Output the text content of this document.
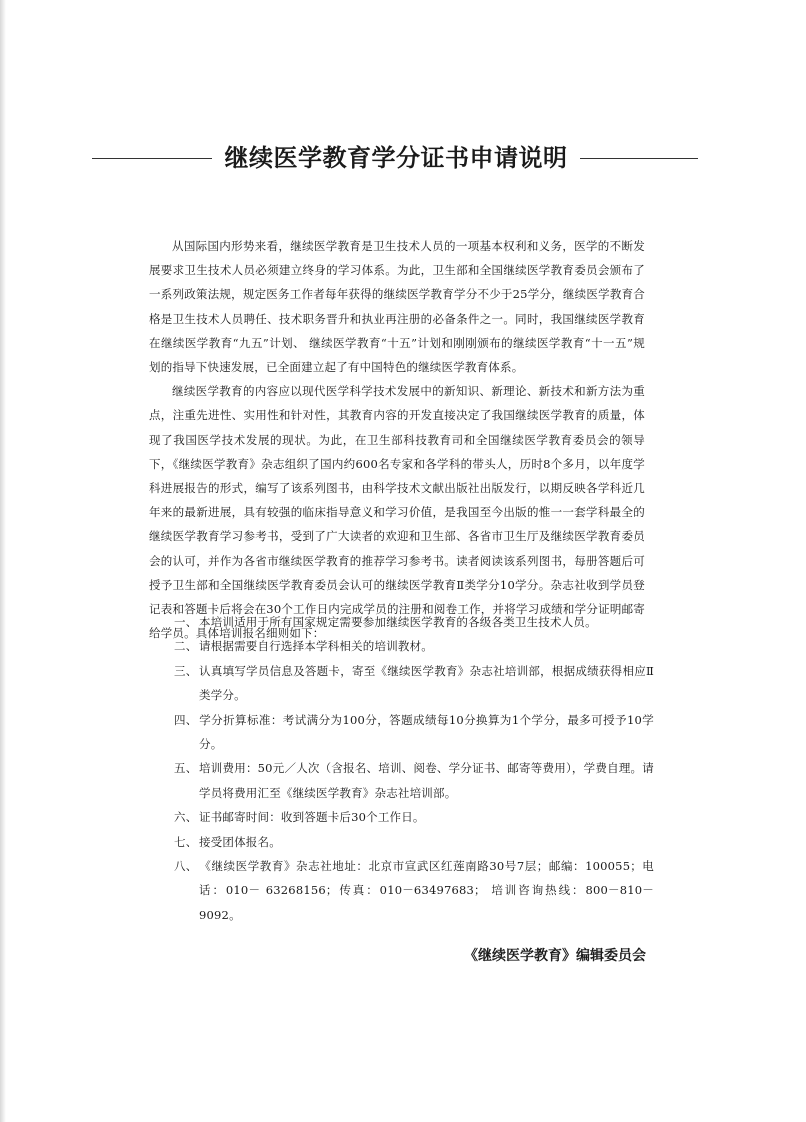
继续医学教育学分证书申请说明

从国际国内形势来看，继续医学教育是卫生技术人员的一项基本权利和义务，医学的不断发展要求卫生技术人员必须建立终身的学习体系。为此，卫生部和全国继续医学教育委员会颁布了一系列政策法规，规定医务工作者每年获得的继续医学教育学分不少于25学分，继续医学教育合格是卫生技术人员聘任、技术职务晋升和执业再注册的必备条件之一。同时，我国继续医学教育在继续医学教育“九五”计划、 继续医学教育“十五”计划和刚刚颁布的继续医学教育“十一五”规划的指导下快速发展，已全面建立起了有中国特色的继续医学教育体系。

继续医学教育的内容应以现代医学科学技术发展中的新知识、新理论、新技术和新方法为重点，注重先进性、实用性和针对性，其教育内容的开发直接决定了我国继续医学教育的质量，体现了我国医学技术发展的现状。为此，在卫生部科技教育司和全国继续医学教育委员会的领导下，《继续医学教育》杂志组织了国内约600名专家和各学科的带头人，历时8个多月，以年度学科进展报告的形式，编写了该系列图书，由科学技术文献出版社出版发行，以期反映各学科近几年来的最新进展，具有较强的临床指导意义和学习价值，是我国至今出版的惟一一套学科最全的继续医学教育学习参考书，受到了广大读者的欢迎和卫生部、各省市卫生厅及继续医学教育委员会的认可，并作为各省市继续医学教育的推荐学习参考书。读者阅读该系列图书，每册答题后可授予卫生部和全国继续医学教育委员会认可的继续医学教育Ⅱ类学分10学分。杂志社收到学员登记表和答题卡后将会在30个工作日内完成学员的注册和阅卷工作，并将学习成绩和学分证明邮寄给学员。具体培训报名细则如下：

一、 本培训适用于所有国家规定需要参加继续医学教育的各级各类卫生技术人员。
二、 请根据需要自行选择本学科相关的培训教材。
三、 认真填写学员信息及答题卡，寄至《继续医学教育》杂志社培训部，根据成绩获得相应Ⅱ类学分。
四、 学分折算标准：考试满分为100分，答题成绩每10分换算为1个学分，最多可授予10学分。
五、 培训费用：50元／人次（含报名、培训、阅卷、学分证书、邮寄等费用），学费自理。请学员将费用汇至《继续医学教育》杂志社培训部。
六、 证书邮寄时间：收到答题卡后30个工作日。
七、 接受团体报名。
八、 《继续医学教育》杂志社地址：北京市宣武区红莲南路30号7层；邮编：100055；电话：010－ 63268156；传真：010－63497683； 培训咨询热线：800－810－9092。
《继续医学教育》编辑委员会
